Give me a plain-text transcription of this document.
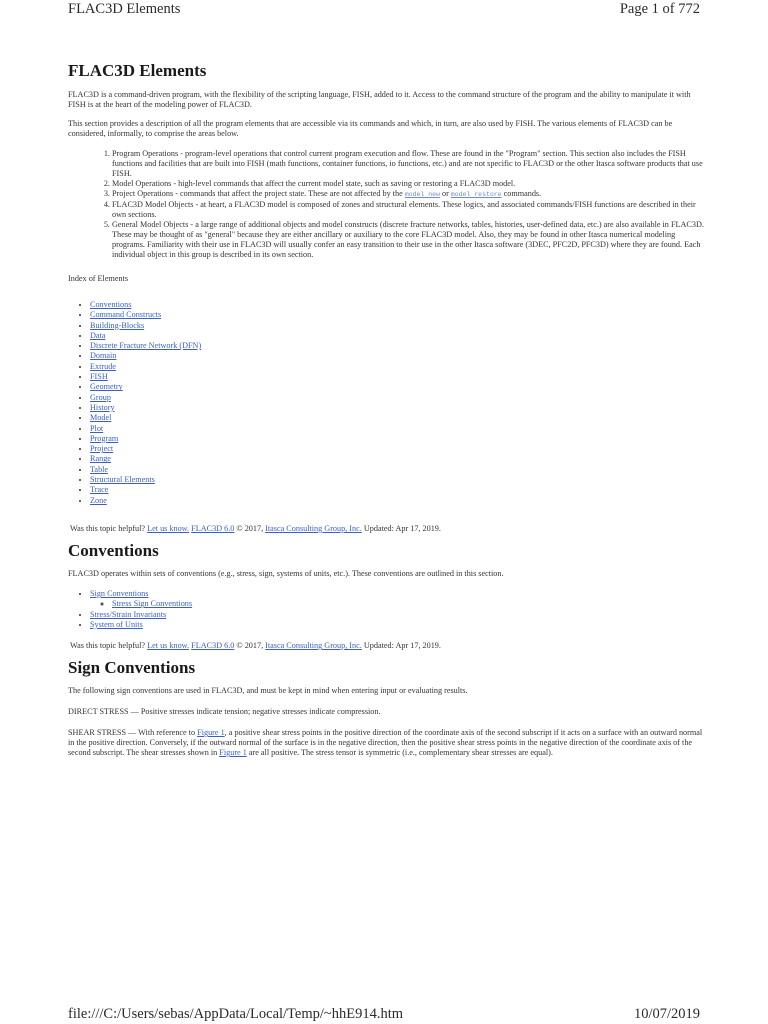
FLAC3D Elements	Page 1 of 772
FLAC3D Elements

FLAC3D is a command-driven program, with the flexibility of the scripting language, FISH, added to it. Access to the command structure of the program and the ability to manipulate it with FISH is at the heart of the modeling power of FLAC3D.

This section provides a description of all the program elements that are accessible via its commands and which, in turn, are also used by FISH. The various elements of FLAC3D can be considered, informally, to comprise the areas below.

1. Program Operations - program-level operations that control current program execution and flow. These are found in the "Program" section. This section also includes the FISH functions and facilities that are built into FISH (math functions, container functions, io functions, etc.) and are not specific to FLAC3D or the other Itasca software products that use FISH.
2. Model Operations - high-level commands that affect the current model state, such as saving or restoring a FLAC3D model.
3. Project Operations - commands that affect the project state. These are not affected by the model new or model restore commands.
4. FLAC3D Model Objects - at heart, a FLAC3D model is composed of zones and structural elements. These logics, and associated commands/FISH functions are described in their own sections.
5. General Model Objects - a large range of additional objects and model constructs (discrete fracture networks, tables, histories, user-defined data, etc.) are also available in FLAC3D. These may be thought of as "general" because they are either ancillary or auxiliary to the core FLAC3D model. Also, they may be found in other Itasca numerical modeling programs. Familiarity with their use in FLAC3D will usually confer an easy transition to their use in the other Itasca software (3DEC, PFC2D, PFC3D) where they are found. Each individual object in this group is described in its own section.

Index of Elements

• Conventions
• Command Constructs
• Building-Blocks
• Data
• Discrete Fracture Network (DFN)
• Domain
• Extrude
• FISH
• Geometry
• Group
• History
• Model
• Plot
• Program
• Project
• Range
• Table
• Structural Elements
• Trace
• Zone

Was this topic helpful? Let us know. FLAC3D 6.0 © 2017, Itasca Consulting Group, Inc. Updated: Apr 17, 2019.

Conventions

FLAC3D operates within sets of conventions (e.g., stress, sign, systems of units, etc.). These conventions are outlined in this section.

• Sign Conventions
◦ Stress Sign Conventions
• Stress/Strain Invariants
• System of Units

Was this topic helpful? Let us know. FLAC3D 6.0 © 2017, Itasca Consulting Group, Inc. Updated: Apr 17, 2019.

Sign Conventions

The following sign conventions are used in FLAC3D, and must be kept in mind when entering input or evaluating results.

DIRECT STRESS — Positive stresses indicate tension; negative stresses indicate compression.

SHEAR STRESS — With reference to Figure 1, a positive shear stress points in the positive direction of the coordinate axis of the second subscript if it acts on a surface with an outward normal in the positive direction. Conversely, if the outward normal of the surface is in the negative direction, then the positive shear stress points in the negative direction of the coordinate axis of the second subscript. The shear stresses shown in Figure 1 are all positive. The stress tensor is symmetric (i.e., complementary shear stresses are equal).

file:///C:/Users/sebas/AppData/Local/Temp/~hhE914.htm	10/07/2019
